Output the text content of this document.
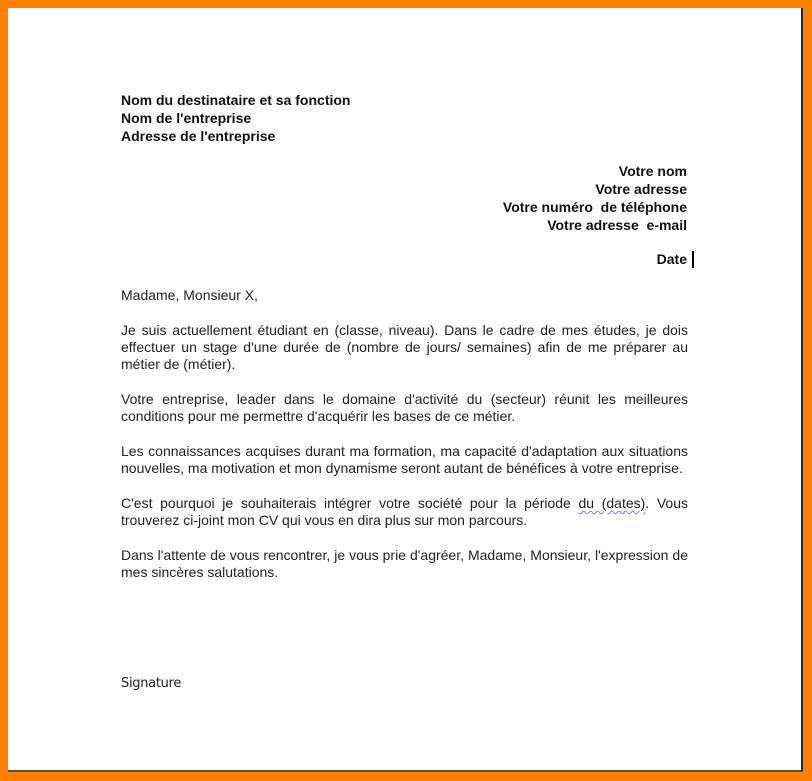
Nom du destinataire et sa fonction
Nom de l'entreprise
Adresse de l'entreprise
Votre nom
Votre adresse
Votre numéro  de téléphone
Votre adresse  e-mail
Date
Madame, Monsieur X,

Je suis actuellement étudiant en (classe, niveau). Dans le cadre de mes études, je dois effectuer un stage d'une durée de (nombre de jours/ semaines) afin de me préparer au métier de (métier).

Votre entreprise, leader dans le domaine d'activité du (secteur) réunit les meilleures conditions pour me permettre d'acquérir les bases de ce métier.

Les connaissances acquises durant ma formation, ma capacité d'adaptation aux situations nouvelles, ma motivation et mon dynamisme seront autant de bénéfices à votre entreprise.

C'est pourquoi je souhaiterais intégrer votre société pour la période du (dates). Vous trouverez ci-joint mon CV qui vous en dira plus sur mon parcours.

Dans l'attente de vous rencontrer, je vous prie d'agréer, Madame, Monsieur, l'expression de mes sincères salutations.

Signature
